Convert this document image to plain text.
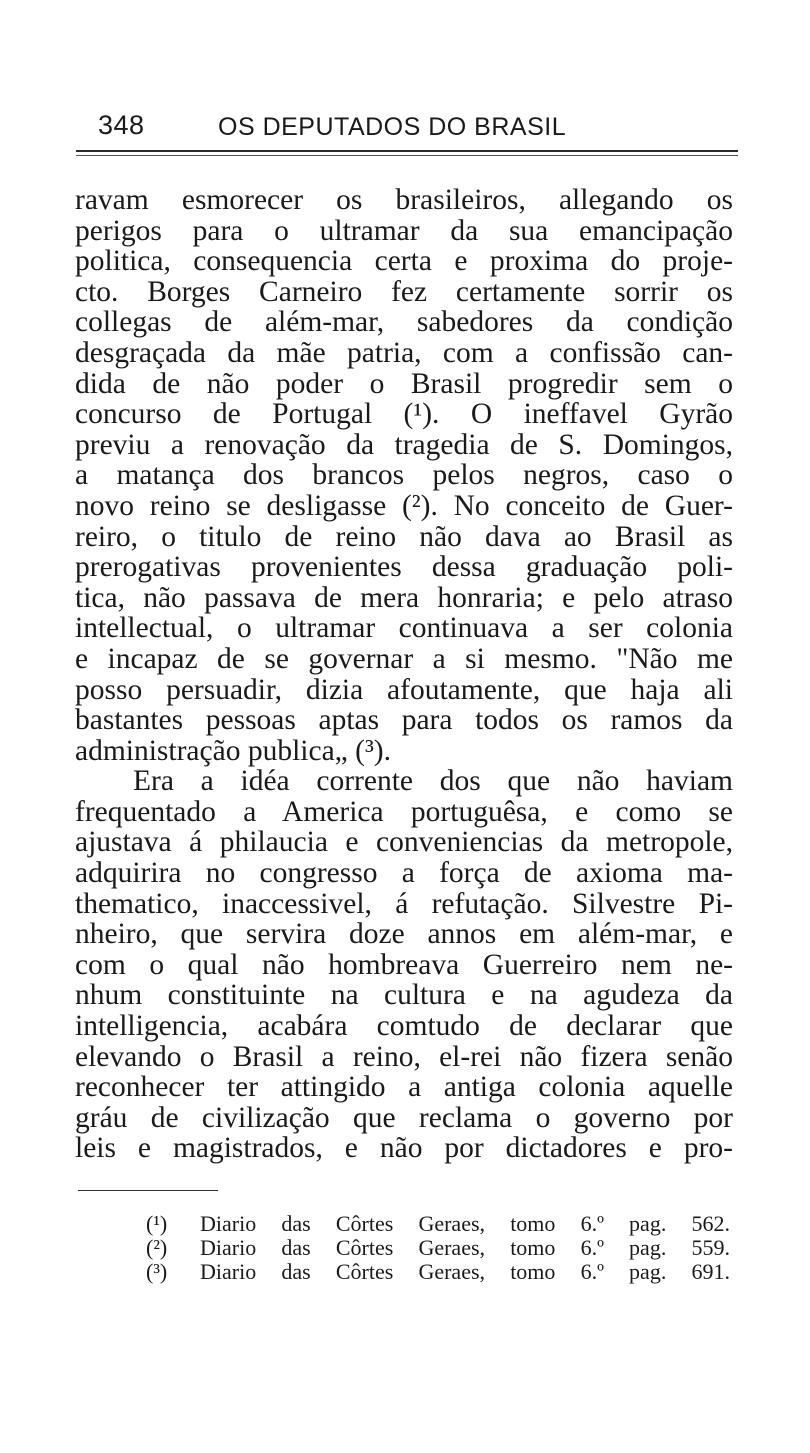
348	OS DEPUTADOS DO BRASIL
ravam esmorecer os brasileiros, allegando os
perigos para o ultramar da sua emancipação
politica, consequencia certa e proxima do proje-
cto. Borges Carneiro fez certamente sorrir os
collegas de além-mar, sabedores da condição
desgraçada da mãe patria, com a confissão can-
dida de não poder o Brasil progredir sem o
concurso de Portugal (¹). O ineffavel Gyrão
previu a renovação da tragedia de S. Domingos,
a matança dos brancos pelos negros, caso o
novo reino se desligasse (²). No conceito de Guer-
reiro, o titulo de reino não dava ao Brasil as
prerogativas provenientes dessa graduação poli-
tica, não passava de mera honraria; e pelo atraso
intellectual, o ultramar continuava a ser colonia
e incapaz de se governar a si mesmo. "Não me
posso persuadir, dizia afoutamente, que haja ali
bastantes pessoas aptas para todos os ramos da
administração publica„ (³).
Era a idéa corrente dos que não haviam
frequentado a America portuguêsa, e como se
ajustava á philaucia e conveniencias da metropole,
adquirira no congresso a força de axioma ma-
thematico, inaccessivel, á refutação. Silvestre Pi-
nheiro, que servira doze annos em além-mar, e
com o qual não hombreava Guerreiro nem ne-
nhum constituinte na cultura e na agudeza da
intelligencia, acabára comtudo de declarar que
elevando o Brasil a reino, el-rei não fizera senão
reconhecer ter attingido a antiga colonia aquelle
gráu de civilização que reclama o governo por
leis e magistrados, e não por dictadores e pro-
(¹) Diario das Côrtes Geraes, tomo 6.º pag. 562.
(²) Diario das Côrtes Geraes, tomo 6.º pag. 559.
(³) Diario das Côrtes Geraes, tomo 6.º pag. 691.
